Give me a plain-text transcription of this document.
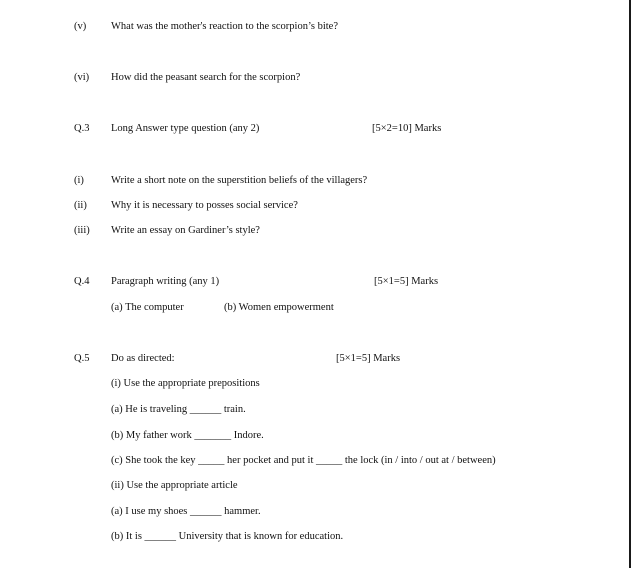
(v) What was the mother's reaction to the scorpion’s bite?
(vi) How did the peasant search for the scorpion?
Q.3 Long Answer type question (any 2)	[5×2=10] Marks
(i)	Write a short note on the superstition beliefs of the villagers?
(ii) Why it is necessary to posses social service?
(iii) Write an essay on Gardiner’s style?
Q.4 Paragraph writing (any 1)	[5×1=5] Marks
(a) The computer	(b) Women empowerment
Q.5 Do as directed:	[5×1=5] Marks
(i) Use the appropriate prepositions
(a) He is traveling ______ train.
(b) My father work _______ Indore.
(c) She took the key _____ her pocket and put it _____ the lock (in / into / out at / between)
(ii) Use the appropriate article
(a) I use my shoes ______ hammer.
(b) It is ______ University that is known for education.
